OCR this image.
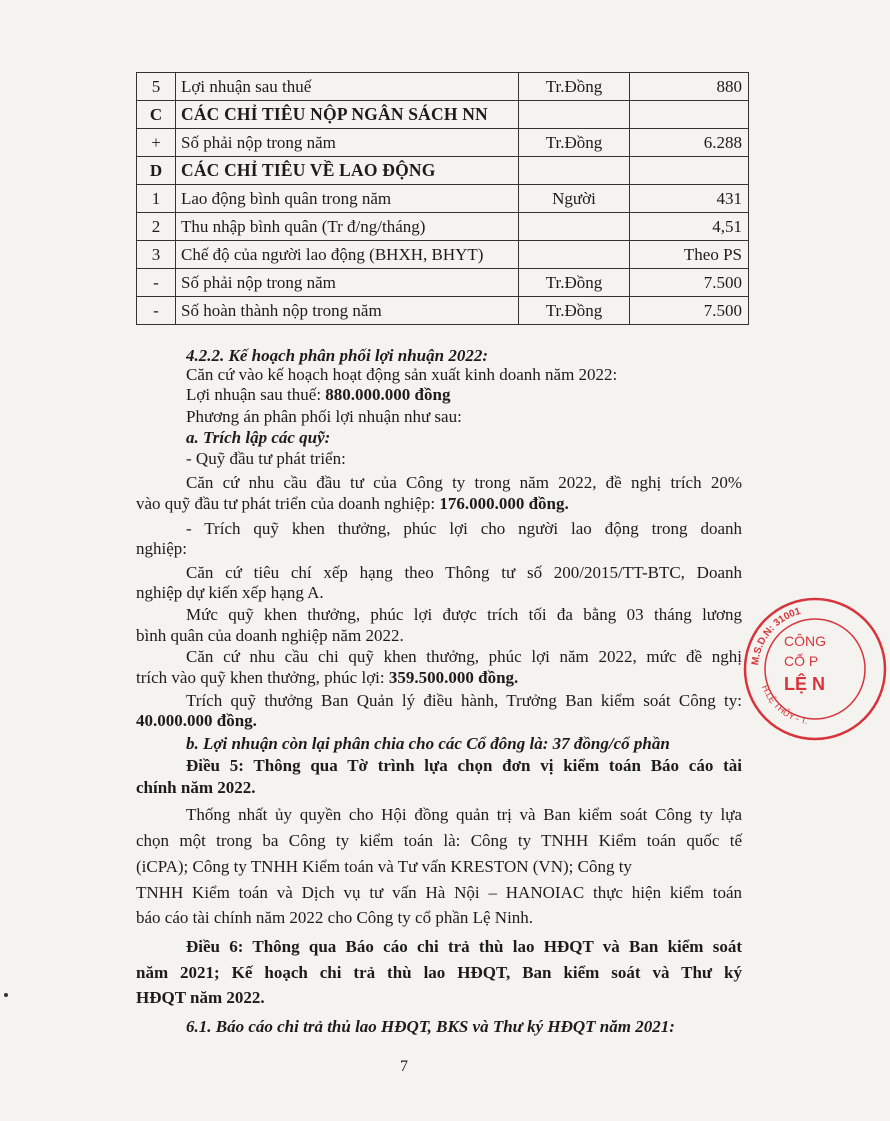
5	Lợi nhuận sau thuế	Tr.Đồng	880
C	CÁC CHỈ TIÊU NỘP NGÂN SÁCH NN		
+	Số phải nộp trong năm	Tr.Đồng	6.288
D	CÁC CHỈ TIÊU VỀ LAO ĐỘNG		
1	Lao động bình quân trong năm	Người	431
2	Thu nhập bình quân (Tr đ/ng/tháng)		4,51
3	Chế độ của người lao động (BHXH, BHYT)		Theo PS
-	Số phải nộp trong năm	Tr.Đồng	7.500
-	Số hoàn thành nộp trong năm	Tr.Đồng	7.500
4.2.2. Kế hoạch phân phối lợi nhuận 2022:
Căn cứ vào kế hoạch hoạt động sản xuất kinh doanh năm 2022:
Lợi nhuận sau thuế: 880.000.000 đồng
Phương án phân phối lợi nhuận như sau:
a. Trích lập các quỹ:
- Quỹ đầu tư phát triển:
Căn cứ nhu cầu đầu tư của Công ty trong năm 2022, đề nghị trích 20%
vào quỹ đầu tư phát triển của doanh nghiệp: 176.000.000 đồng.
- Trích quỹ khen thưởng, phúc lợi cho người lao động trong doanh
nghiệp:
Căn cứ tiêu chí xếp hạng theo Thông tư số 200/2015/TT-BTC, Doanh
nghiệp dự kiến xếp hạng A.
Mức quỹ khen thưởng, phúc lợi được trích tối đa bằng 03 tháng lương
bình quân của doanh nghiệp năm 2022.
Căn cứ nhu cầu chi quỹ khen thưởng, phúc lợi năm 2022, mức đề nghị
trích vào quỹ khen thưởng, phúc lợi: 359.500.000 đồng.
Trích quỹ thưởng Ban Quản lý điều hành, Trưởng Ban kiểm soát Công ty:
40.000.000 đồng.
b. Lợi nhuận còn lại phân chia cho các Cổ đông là: 37 đồng/cổ phần
Điều 5: Thông qua Tờ trình lựa chọn đơn vị kiểm toán Báo cáo tài
chính năm 2022.
Thống nhất ủy quyền cho Hội đồng quản trị và Ban kiểm soát Công ty lựa
chọn một trong ba Công ty kiểm toán là: Công ty TNHH Kiểm toán quốc tế
(iCPA); Công ty TNHH Kiểm toán và Tư vấn KRESTON (VN); Công ty
TNHH Kiểm toán và Dịch vụ tư vấn Hà Nội – HANOIAC thực hiện kiểm toán
báo cáo tài chính năm 2022 cho Công ty cổ phần Lệ Ninh.
Điều 6: Thông qua Báo cáo chi trả thù lao HĐQT và Ban kiểm soát
năm 2021; Kế hoạch chi trả thù lao HĐQT, Ban kiểm soát và Thư ký
HĐQT năm 2022.
6.1. Báo cáo chi trả thủ lao HĐQT, BKS và Thư ký HĐQT năm 2021:
7
M.S.D.N: 31001
H.LỆ THỦY - T.
CÔNG
CỔ P
LỆ N
